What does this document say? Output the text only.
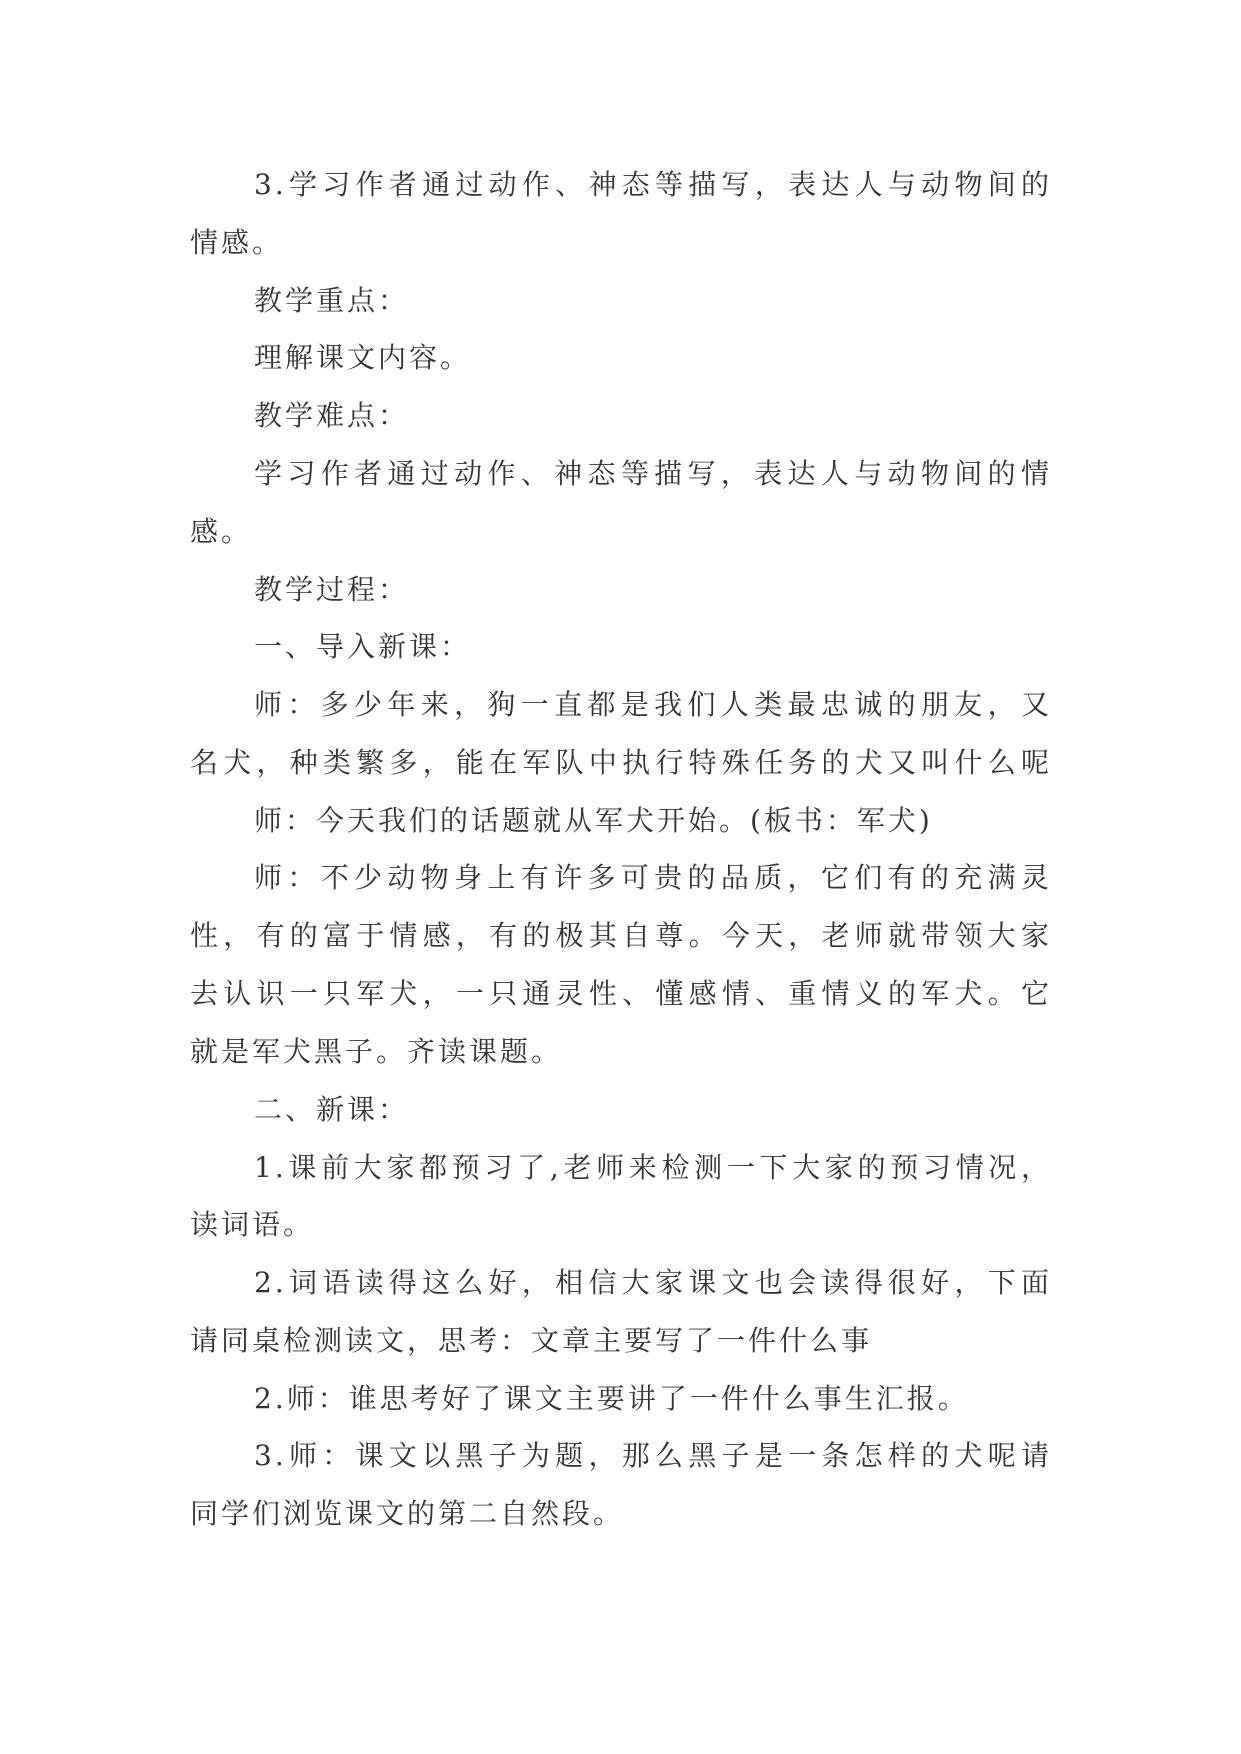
3.学习作者通过动作、神态等描写，表达人与动物间的
情感。
教学重点：
理解课文内容。
教学难点：
学习作者通过动作、神态等描写，表达人与动物间的情
感。
教学过程：
一、导入新课：
师：多少年来，狗一直都是我们人类最忠诚的朋友，又
名犬，种类繁多，能在军队中执行特殊任务的犬又叫什么呢
师：今天我们的话题就从军犬开始。(板书：军犬)
师：不少动物身上有许多可贵的品质，它们有的充满灵
性，有的富于情感，有的极其自尊。今天，老师就带领大家
去认识一只军犬，一只通灵性、懂感情、重情义的军犬。它
就是军犬黑子。齐读课题。
二、新课：
1.课前大家都预习了,老师来检测一下大家的预习情况，
读词语。
2.词语读得这么好，相信大家课文也会读得很好，下面
请同桌检测读文，思考：文章主要写了一件什么事
2.师：谁思考好了课文主要讲了一件什么事生汇报。
3.师：课文以黑子为题，那么黑子是一条怎样的犬呢请
同学们浏览课文的第二自然段。
